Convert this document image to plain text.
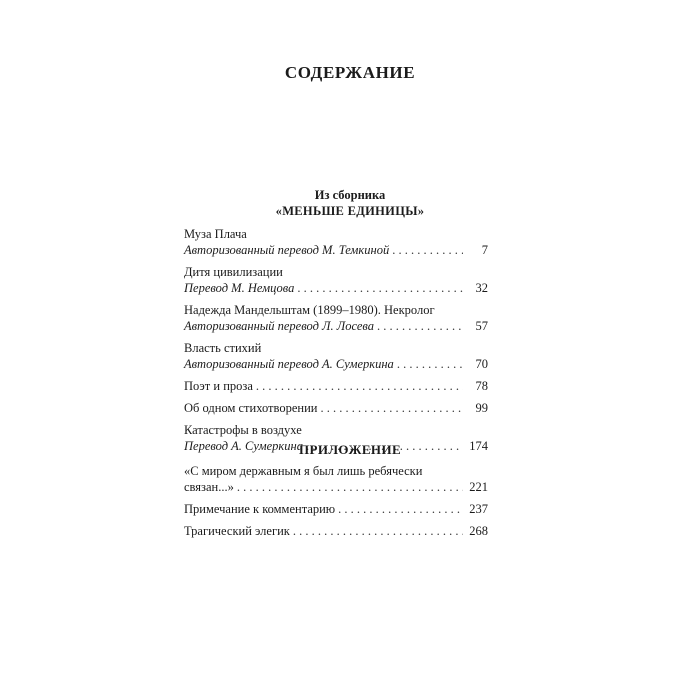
СОДЕРЖАНИЕ
Из сборника
«МЕНЬШЕ ЕДИНИЦЫ»
Муза Плача
Авторизованный перевод М. Темкиной . . .	7
Дитя цивилизации
Перевод М. Немцова . . .	32
Надежда Мандельштам (1899–1980). Некролог
Авторизованный перевод Л. Лосева . . .	57
Власть стихий
Авторизованный перевод А. Сумеркина . . .	70
Поэт и проза . . .	78
Об одном стихотворении . . .	99
Катастрофы в воздухе
Перевод А. Сумеркина . . .	174
ПРИЛОЖЕНИЕ
«С миром державным я был лишь ребячески
связан...» . . .	221
Примечание к комментарию . . .	237
Трагический элегик . . .	268
